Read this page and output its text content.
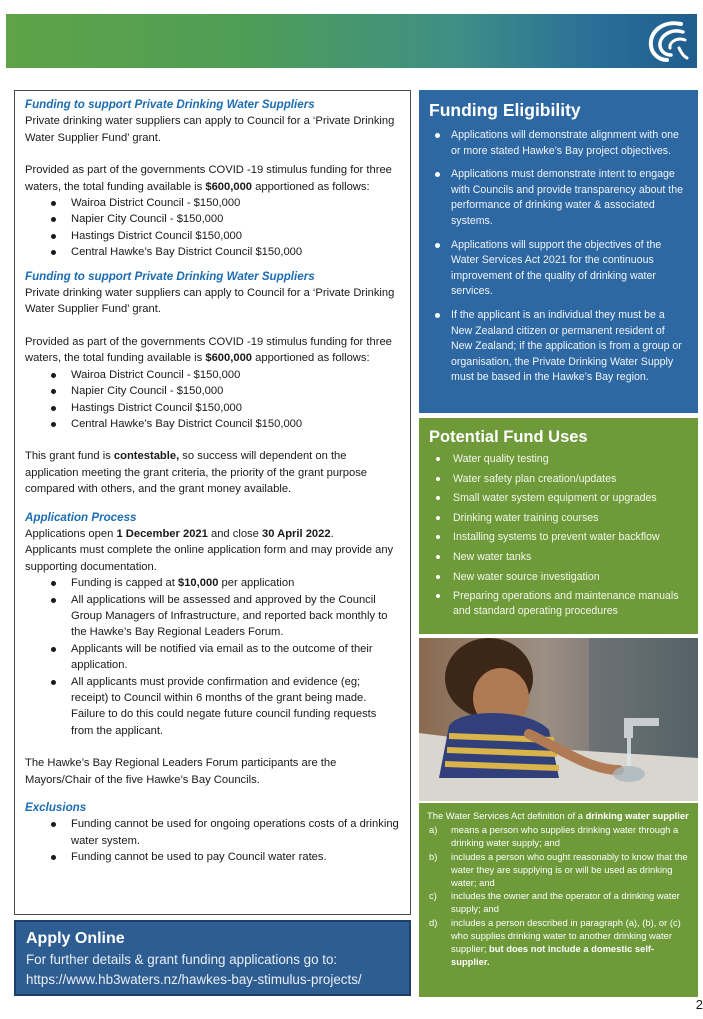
Funding to support Private Drinking Water Suppliers

Private drinking water suppliers can apply to Council for a ‘Private Drinking Water Supplier Fund’ grant.

Provided as part of the governments COVID -19 stimulus funding for three waters, the total funding available is $600,000 apportioned as follows:

Wairoa District Council - $150,000
Napier City Council - $150,000
Hastings District Council $150,000
Central Hawke’s Bay District Council $150,000
Funding to support Private Drinking Water Suppliers

Private drinking water suppliers can apply to Council for a ‘Private Drinking Water Supplier Fund’ grant.

Provided as part of the governments COVID -19 stimulus funding for three waters, the total funding available is $600,000 apportioned as follows:

Wairoa District Council - $150,000
Napier City Council - $150,000
Hastings District Council $150,000
Central Hawke’s Bay District Council $150,000

This grant fund is contestable, so success will dependent on the application meeting the grant criteria, the priority of the grant purpose compared with others, and the grant money available.

Application Process

Applications open 1 December 2021 and close 30 April 2022.

Applicants must complete the online application form and may provide any supporting documentation.

Funding is capped at $10,000 per application
All applications will be assessed and approved by the Council Group Managers of Infrastructure, and reported back monthly to the Hawke’s Bay Regional Leaders Forum.
Applicants will be notified via email as to the outcome of their application.
All applicants must provide confirmation and evidence (eg; receipt) to Council within 6 months of the grant being made. Failure to do this could negate future council funding requests from the applicant.

The Hawke’s Bay Regional Leaders Forum participants are the Mayors/Chair of the five Hawke’s Bay Councils.

Exclusions
Funding cannot be used for ongoing operations costs of a drinking water system.
Funding cannot be used to pay Council water rates.
Apply Online
For further details & grant funding applications go to:
https://www.hb3waters.nz/hawkes-bay-stimulus-projects/
Funding Eligibility
Applications will demonstrate alignment with one or more stated Hawke’s Bay project objectives.
Applications must demonstrate intent to engage with Councils and provide transparency about the performance of drinking water & associated systems.
Applications will support the objectives of the Water Services Act 2021 for the continuous improvement of the quality of drinking water services.
If the applicant is an individual they must be a New Zealand citizen or permanent resident of New Zealand; if the application is from a group or organisation, the Private Drinking Water Supply must be based in the Hawke’s Bay region.
Potential Fund Uses
Water quality testing
Water safety plan creation/updates
Small water system equipment or upgrades
Drinking water training courses
Installing systems to prevent water backflow
New water tanks
New water source investigation
Preparing operations and maintenance manuals and standard operating procedures
The Water Services Act definition of a drinking water supplier
a)	means a person who supplies drinking water through a drinking water supply; and
b)	includes a person who ought reasonably to know that the water they are supplying is or will be used as drinking water; and
c)	includes the owner and the operator of a drinking water supply; and
d)	includes a person described in paragraph (a), (b), or (c) who supplies drinking water to another drinking water supplier; but does not include a domestic self-supplier.
2
